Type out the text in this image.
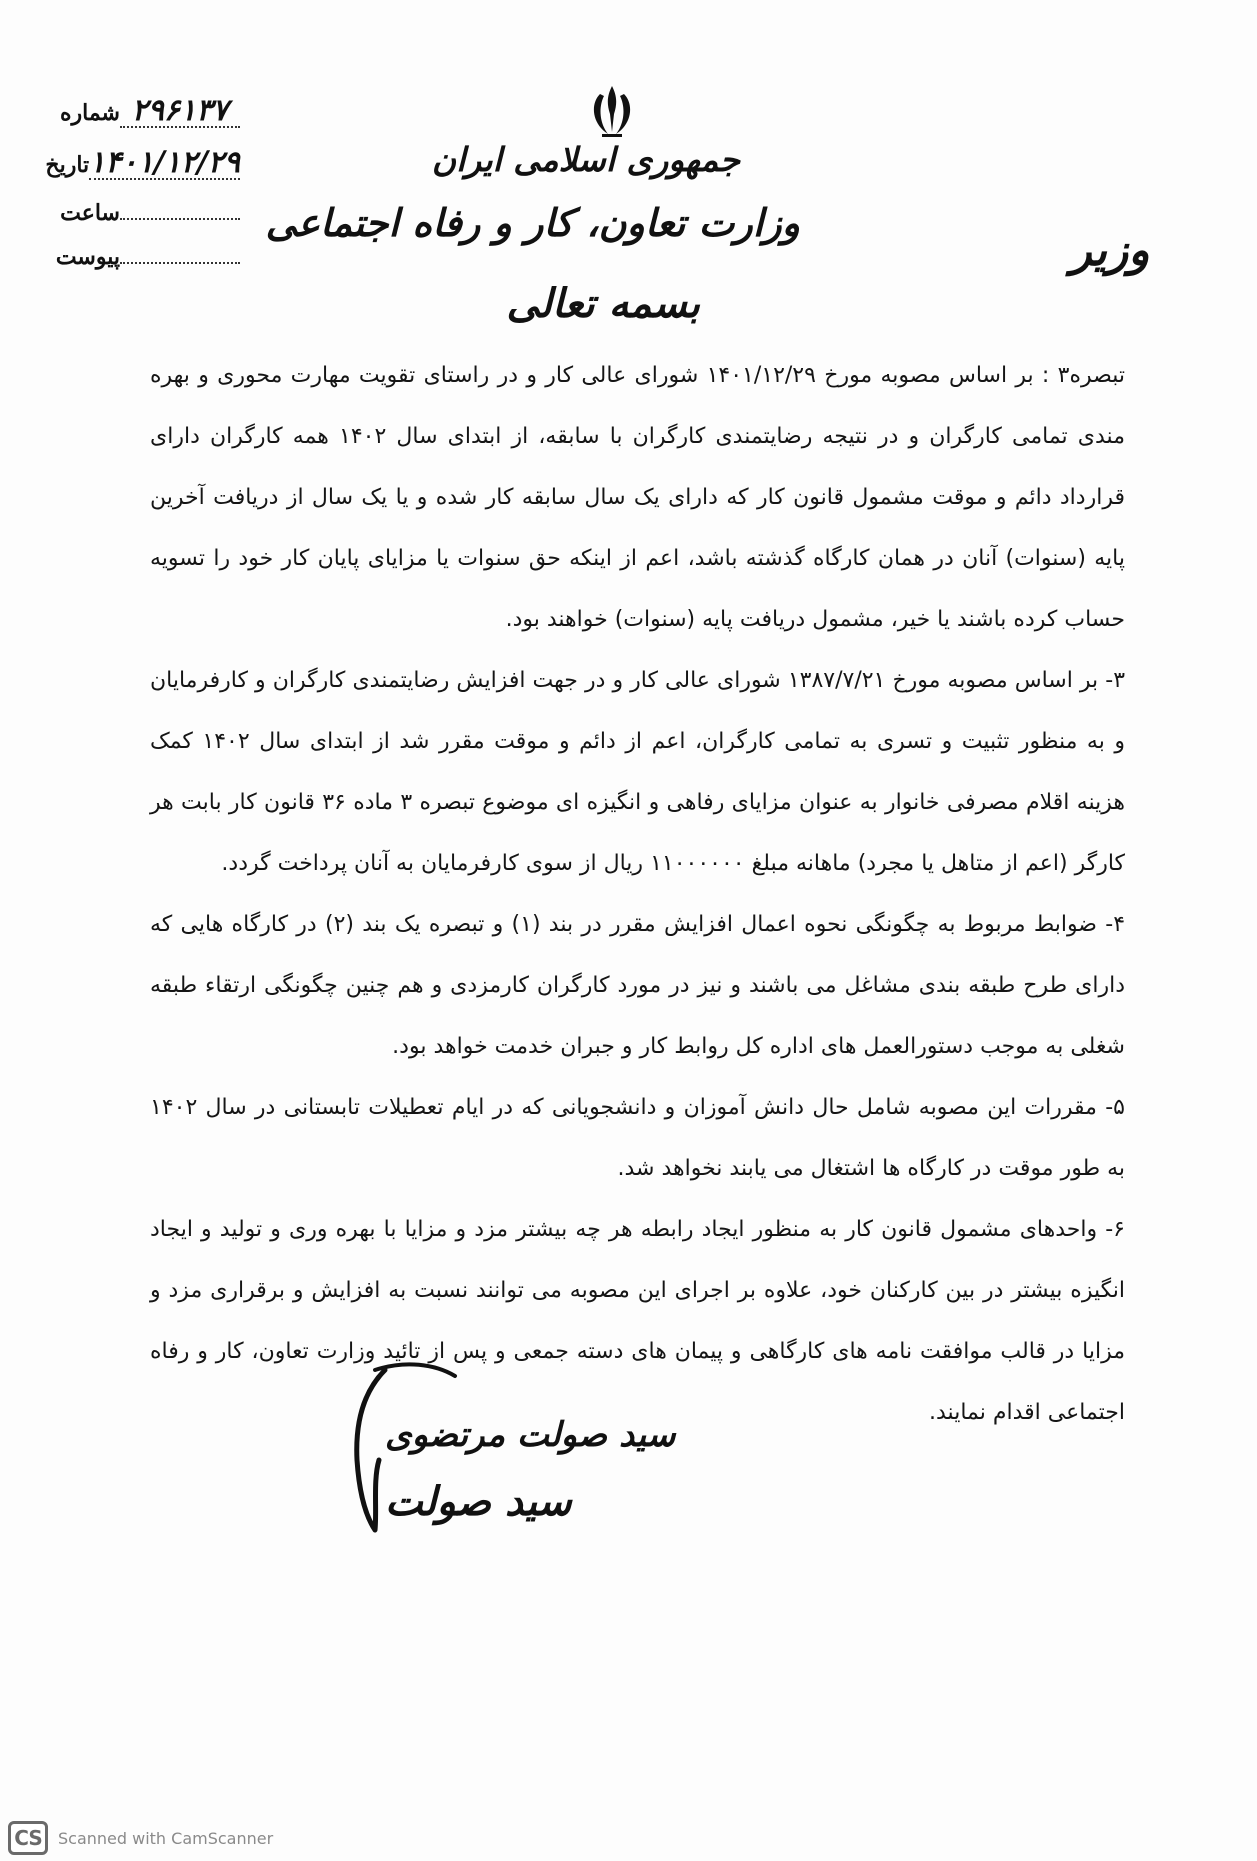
جمهوری اسلامی ایران
وزارت تعاون، کار و رفاه اجتماعی
بسمه تعالی
وزیر
۲۹۶۱۳۷شماره
۱۴۰۱/۱۲/۲۹تاریخ
ساعت
پیوست

تبصره۳ : بر اساس مصوبه مورخ ۱۴۰۱/۱۲/۲۹ شورای عالی کار و در راستای تقویت مهارت محوری و بهره مندی تمامی کارگران و در نتیجه رضایتمندی کارگران با سابقه، از ابتدای سال ۱۴۰۲ همه کارگران دارای قرارداد دائم و موقت مشمول قانون کار که دارای یک سال سابقه کار شده و یا یک سال از دریافت آخرین پایه (سنوات) آنان در همان کارگاه گذشته باشد، اعم از اینکه حق سنوات یا مزایای پایان کار خود را تسویه حساب کرده باشند یا خیر، مشمول دریافت پایه (سنوات) خواهند بود.

۳- بر اساس مصوبه مورخ ۱۳۸۷/۷/۲۱ شورای عالی کار و در جهت افزایش رضایتمندی کارگران و کارفرمایان و به منظور تثبیت و تسری به تمامی کارگران، اعم از دائم و موقت مقرر شد از ابتدای سال ۱۴۰۲ کمک هزینه اقلام مصرفی خانوار به عنوان مزایای رفاهی و انگیزه ای موضوع تبصره ۳ ماده ۳۶ قانون کار بابت هر کارگر (اعم از متاهل یا مجرد) ماهانه مبلغ ۱۱۰۰۰۰۰۰ ریال از سوی کارفرمایان به آنان پرداخت گردد.

۴- ضوابط مربوط به چگونگی نحوه اعمال افزایش مقرر در بند (۱) و تبصره یک بند (۲) در کارگاه هایی که دارای طرح طبقه بندی مشاغل می باشند و نیز در مورد کارگران کارمزدی و هم چنین چگونگی ارتقاء طبقه شغلی به موجب دستورالعمل های اداره کل روابط کار و جبران خدمت خواهد بود.

۵- مقررات این مصوبه شامل حال دانش آموزان و دانشجویانی که در ایام تعطیلات تابستانی در سال ۱۴۰۲ به طور موقت در کارگاه ها اشتغال می یابند نخواهد شد.

۶- واحدهای مشمول قانون کار به منظور ایجاد رابطه هر چه بیشتر مزد و مزایا با بهره وری و تولید و ایجاد انگیزه بیشتر در بین کارکنان خود، علاوه بر اجرای این مصوبه می توانند نسبت به افزایش و برقراری مزد و مزایا در قالب موافقت نامه های کارگاهی و پیمان های دسته جمعی و پس از تائید وزارت تعاون، کار و رفاه اجتماعی اقدام نمایند.

سید صولت مرتضوی
سید صولت
CS	Scanned with CamScanner
